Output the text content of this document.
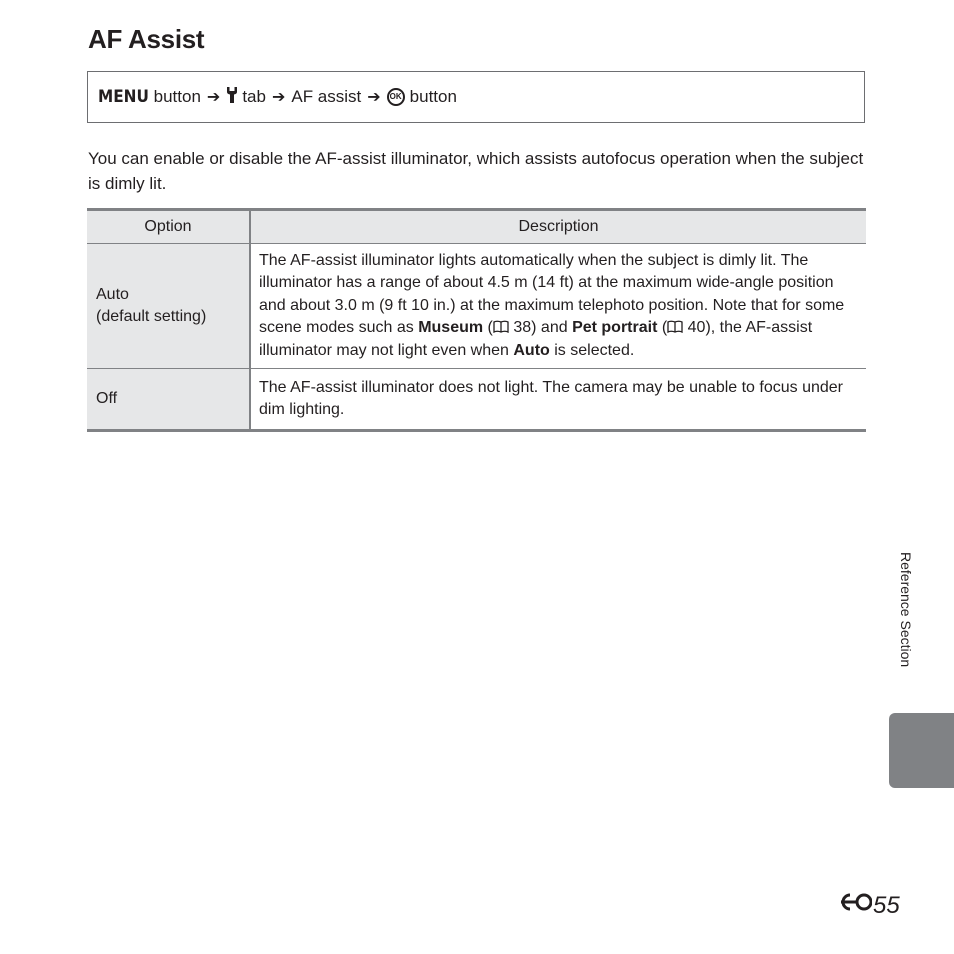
AF Assist
MENU button ➔ tab ➔ AF assist ➔	OK button

You can enable or disable the AF-assist illuminator, which assists autofocus operation when the subject is dimly lit.

Option	Description

Auto
(default setting)	The AF-assist illuminator lights automatically when the subject is dimly lit. The illuminator has a range of about 4.5 m (14 ft) at the maximum wide-angle position and about 3.0 m (9 ft 10 in.) at the maximum telephoto position. Note that for some scene modes such as Museum ( 38) and Pet portrait ( 40), the AF-assist illuminator may not light even when Auto is selected.

Off	The AF-assist illuminator does not light. The camera may be unable to focus under dim lighting.
Reference Section
55
